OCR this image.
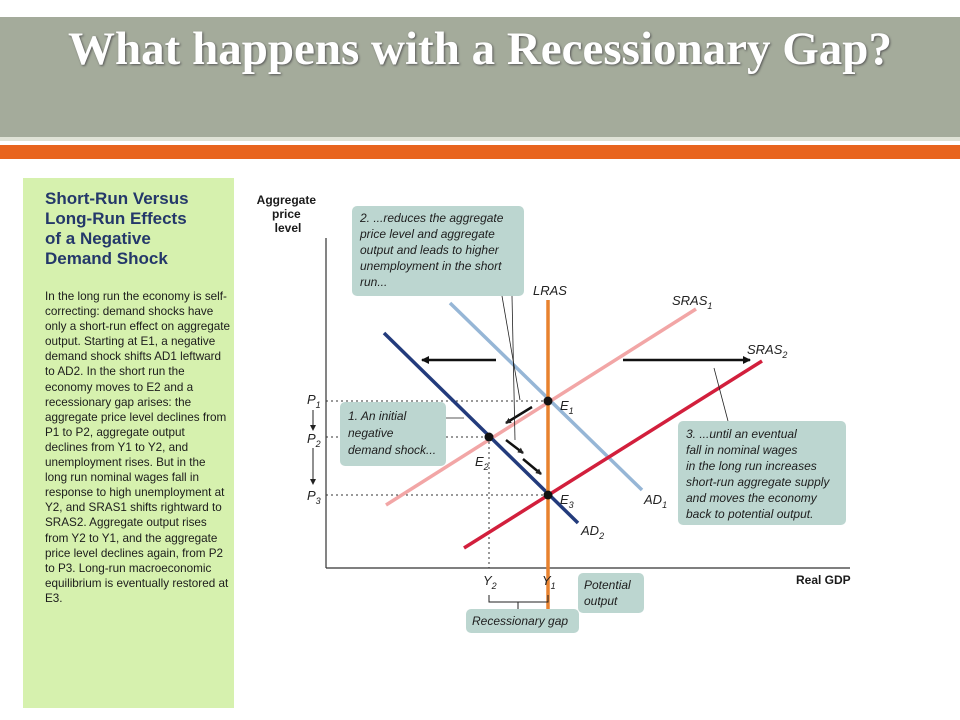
What happens with a Recessionary Gap?
Short-Run Versus
Long-Run Effects
of a Negative
Demand Shock
In the long run the economy is self-correcting: demand shocks have only a short-run effect on aggregate output. Starting at E1, a negative demand shock shifts AD1 leftward to AD2. In the short run the economy moves to E2 and a recessionary gap arises: the aggregate price level declines from P1 to P2, aggregate output declines from Y1 to Y2, and unemployment rises. But in the long run nominal wages fall in response to high unemployment at Y2, and SRAS1 shifts rightward to SRAS2. Aggregate output rises from Y2 to Y1, and the aggregate price level declines again, from P2 to P3. Long-run macroeconomic equilibrium is eventually restored at E3.
Aggregate price level
Real GDP
LRAS
$SRAS_1$
$SRAS_2$
$AD_1$
$AD_2$
$E_1$
$E_2$
$E_3$
$P_1$
$P_2$
$P_3$
$Y_2$	$Y_1$
2. ...reduces the aggregate price level and aggregate output and leads to higher unemployment in the short run...
1. An initial negative demand shock...
3. ...until an eventual fall in nominal wages in the long run increases short-run aggregate supply and moves the economy back to potential output.
Potential output
Recessionary gap
